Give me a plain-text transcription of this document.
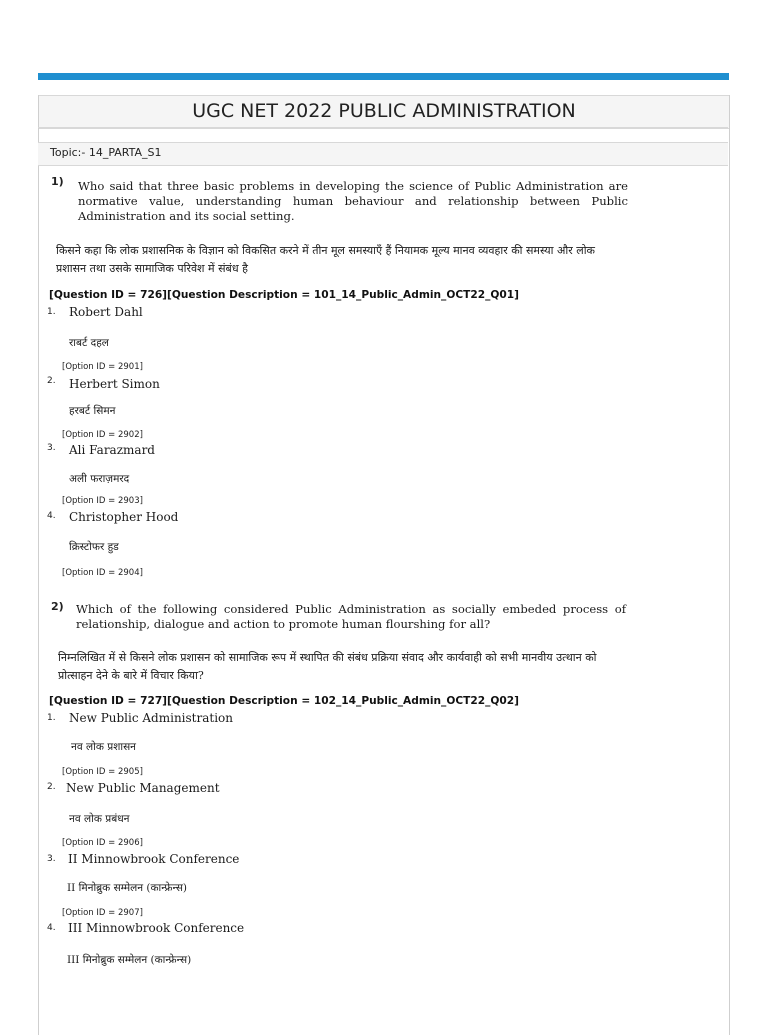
UGC NET 2022 PUBLIC ADMINISTRATION
Topic:- 14_PARTA_S1
1) Who said that three basic problems in developing the science of Public Administration are normative value, understanding human behaviour and relationship between Public Administration and its social setting.
किसने कहा कि लोक प्रशासनिक के विज्ञान को विकसित करने में तीन मूल समस्याएँ हैं नियामक मूल्य मानव व्यवहार की समस्या और लोक प्रशासन तथा उसके सामाजिक परिवेश में संबंध है
[Question ID = 726][Question Description = 101_14_Public_Admin_OCT22_Q01]
1. Robert Dahl
राबर्ट दहल
[Option ID = 2901]
2. Herbert Simon
हरबर्ट सिमन
[Option ID = 2902]
3. Ali Farazmard
अली फराज़मरद
[Option ID = 2903]
4. Christopher Hood
क्रिस्टोफर हुड
[Option ID = 2904]
2) Which of the following considered Public Administration as socially embeded process of relationship, dialogue and action to promote human flourshing for all?
निम्नलिखित में से किसने लोक प्रशासन को सामाजिक रूप में स्थापित की संबंध प्रक्रिया संवाद और कार्यवाही को सभी मानवीय उत्थान को प्रोत्साहन देने के बारे में विचार किया?
[Question ID = 727][Question Description = 102_14_Public_Admin_OCT22_Q02]
1. New Public Administration
नव लोक प्रशासन
[Option ID = 2905]
2. New Public Management
नव लोक प्रबंधन
[Option ID = 2906]
3. II Minnowbrook Conference
II मिनोब्रुक सम्मेलन (कान्फ्रेन्स)
[Option ID = 2907]
4. III Minnowbrook Conference
III मिनोब्रुक सम्मेलन (कान्फ्रेन्स)
